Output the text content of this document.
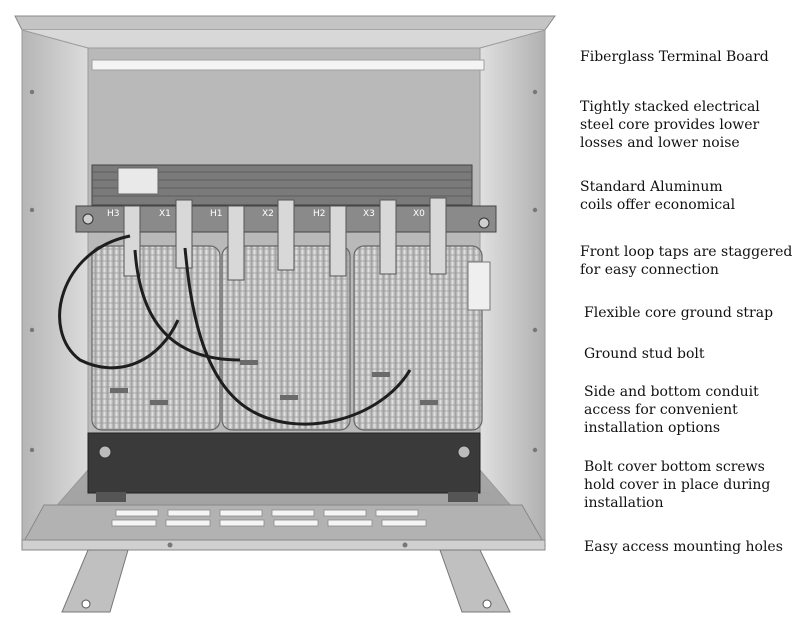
H3	X1	H1	X2	H2	X3	X0
Fiberglass Terminal Board
Tightly stacked electrical
steel core provides lower
losses and lower noise
Standard Aluminum
coils offer economical
Front loop taps are staggered
for easy connection
Flexible core ground strap
Ground stud bolt
Side and bottom conduit
access for convenient
installation options
Bolt cover bottom screws
hold cover in place during
installation
Easy access mounting holes
